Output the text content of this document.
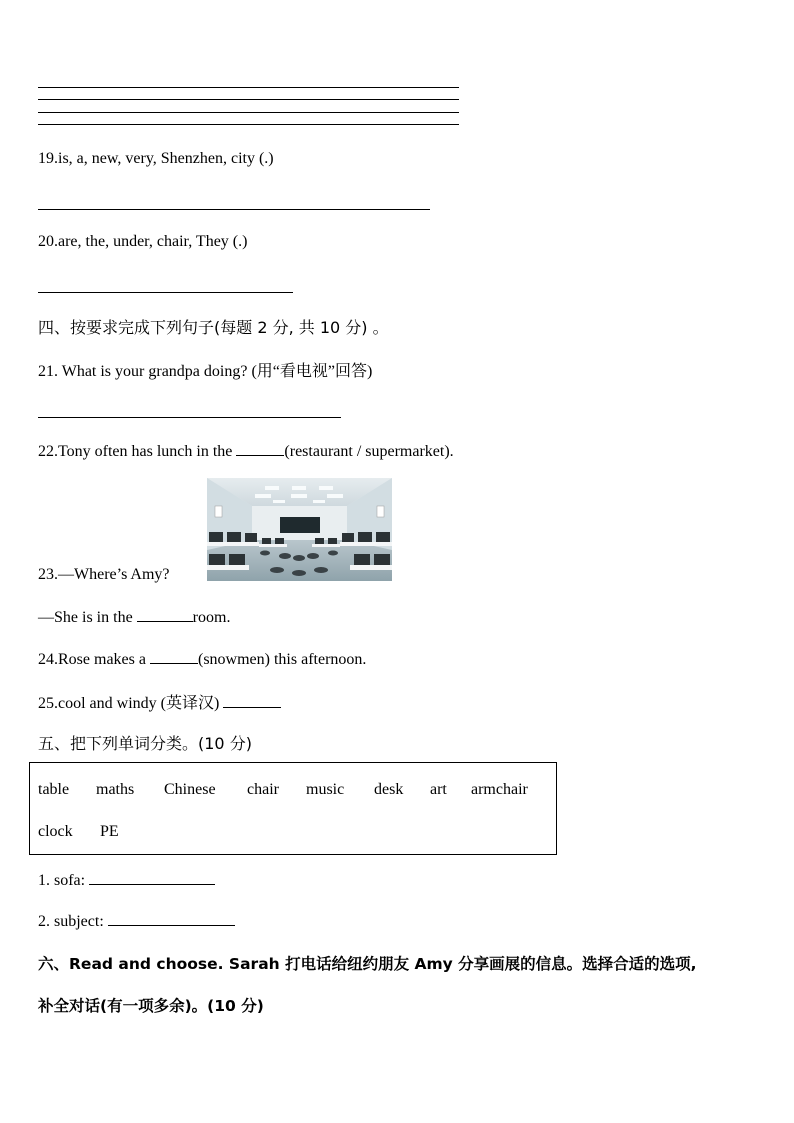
19.is, a, new, very, Shenzhen, city (.)
20.are, the, under, chair, They (.)
四、按要求完成下列句子(每题 2 分, 共 10 分) 。
21. What is your grandpa doing? (用“看电视”回答)
22.Tony often has lunch in the	(restaurant / supermarket).
23.—Where’s Amy?
—She is in the	room.
24.Rose makes a	(snowmen) this afternoon.
25.cool and windy (英译汉)
五、把下列单词分类。(10 分)
table maths Chinese chair music desk art armchair
clock PE
1. sofa:
2. subject:
六、Read and choose. Sarah 打电话给纽约朋友 Amy 分享画展的信息。选择合适的选项,
补全对话(有一项多余)。(10 分)
